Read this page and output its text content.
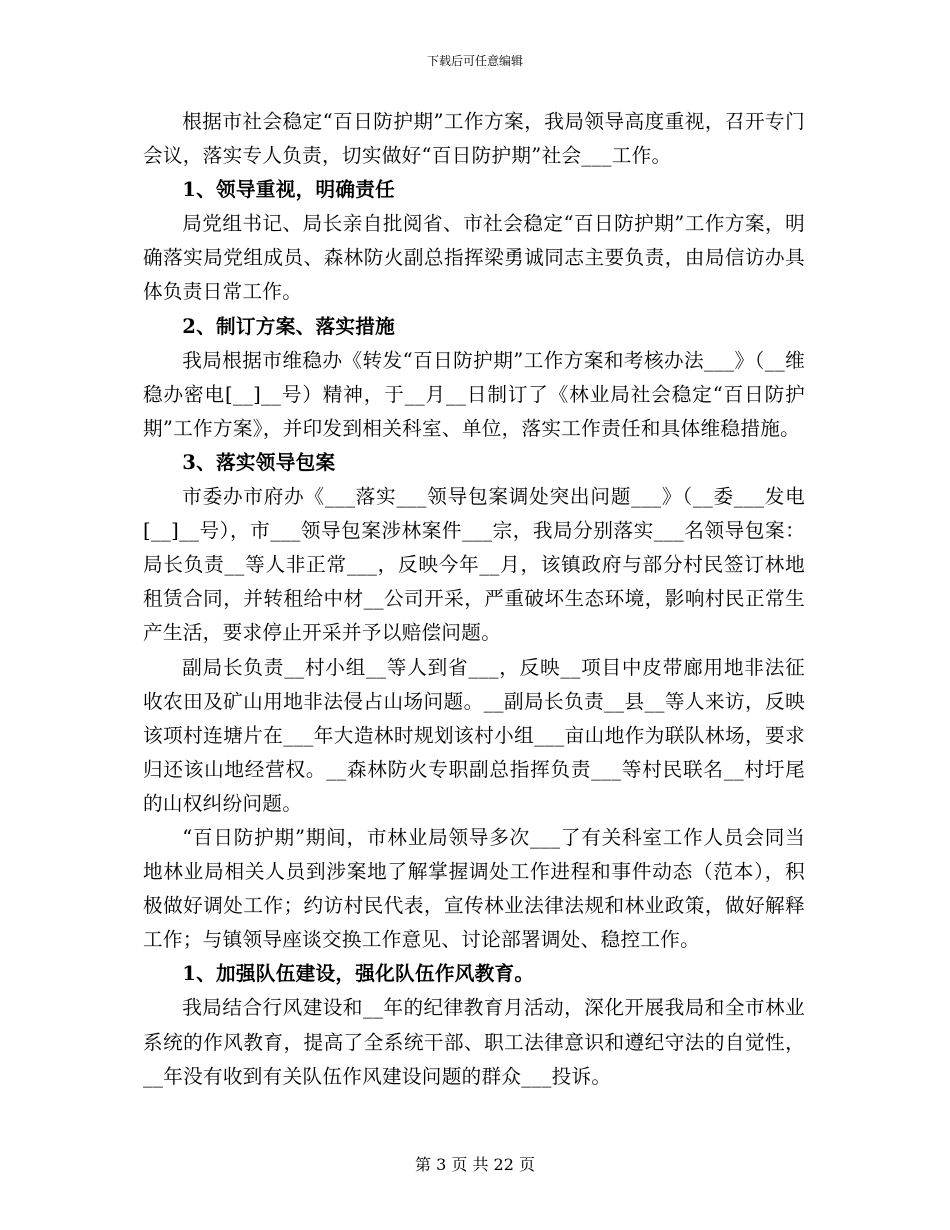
下载后可任意编辑

根据市社会稳定“百日防护期”工作方案，我局领导高度重视，召开专门会议，落实专人负责，切实做好“百日防护期”社会___工作。

1、领导重视，明确责任

局党组书记、局长亲自批阅省、市社会稳定“百日防护期”工作方案，明确落实局党组成员、森林防火副总指挥梁勇诚同志主要负责，由局信访办具体负责日常工作。

2、制订方案、落实措施

我局根据市维稳办《转发“百日防护期”工作方案和考核办法___》（__维稳办密电[__]__号）精神，于__月__日制订了《林业局社会稳定“百日防护期”工作方案》，并印发到相关科室、单位，落实工作责任和具体维稳措施。

3、落实领导包案

市委办市府办《___落实___领导包案调处突出问题___》（__委___发电[__]__号），市___领导包案涉林案件___宗，我局分别落实___名领导包案：局长负责__等人非正常___，反映今年__月，该镇政府与部分村民签订林地租赁合同，并转租给中材__公司开采，严重破坏生态环境，影响村民正常生产生活，要求停止开采并予以赔偿问题。

副局长负责__村小组__等人到省___，反映__项目中皮带廊用地非法征收农田及矿山用地非法侵占山场问题。__副局长负责__县__等人来访，反映该项村连塘片在___年大造林时规划该村小组___亩山地作为联队林场，要求归还该山地经营权。__森林防火专职副总指挥负责___等村民联名__村圩尾的山权纠纷问题。

“百日防护期”期间，市林业局领导多次___了有关科室工作人员会同当地林业局相关人员到涉案地了解掌握调处工作进程和事件动态（范本），积极做好调处工作；约访村民代表，宣传林业法律法规和林业政策，做好解释工作；与镇领导座谈交换工作意见、讨论部署调处、稳控工作。

1、加强队伍建设，强化队伍作风教育。

我局结合行风建设和__年的纪律教育月活动，深化开展我局和全市林业系统的作风教育，提高了全系统干部、职工法律意识和遵纪守法的自觉性，__年没有收到有关队伍作风建设问题的群众___投诉。

第 3 页 共 22 页
